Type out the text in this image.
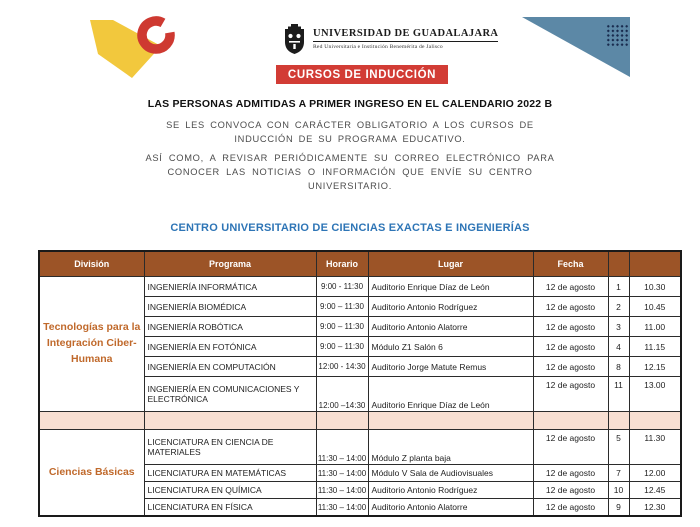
UNIVERSIDAD DE GUADALAJARA
Red Universitaria e Institución Benemérita de Jalisco
CURSOS DE INDUCCIÓN
LAS PERSONAS ADMITIDAS A PRIMER INGRESO EN EL CALENDARIO 2022 B
SE LES CONVOCA CON CARÁCTER OBLIGATORIO A LOS CURSOS DE INDUCCIÓN DE SU PROGRAMA EDUCATIVO.
ASÍ COMO, A REVISAR PERIÓDICAMENTE SU CORREO ELECTRÓNICO PARA CONOCER LAS NOTICIAS O INFORMACIÓN QUE ENVÍE SU CENTRO UNIVERSITARIO.
CENTRO UNIVERSITARIO DE CIENCIAS EXACTAS E INGENIERÍAS
División	Programa	Horario	Lugar	Fecha		
Tecnologías para la Integración Ciber-Humana	INGENIERÍA INFORMÁTICA	9:00 - 11:30	Auditorio Enrique Díaz de León	12 de agosto	1	10.30
	INGENIERÍA BIOMÉDICA	9:00 – 11:30	Auditorio Antonio Rodríguez	12 de agosto	2	10.45
	INGENIERÍA ROBÓTICA	9:00 – 11:30	Auditorio Antonio Alatorre	12 de agosto	3	11.00
	INGENIERÍA EN FOTÓNICA	9:00 – 11:30	Módulo Z1 Salón 6	12 de agosto	4	11.15
	INGENIERÍA EN COMPUTACIÓN	12:00 - 14:30	Auditorio Jorge Matute Remus	12 de agosto	8	12.15
	INGENIERÍA EN COMUNICACIONES Y ELECTRÓNICA	12:00 –14:30	Auditorio Enrique Díaz de León	12 de agosto	11	13.00

Ciencias Básicas	LICENCIATURA EN CIENCIA DE MATERIALES	11:30 – 14:00	Módulo Z planta baja	12 de agosto	5	11.30
	LICENCIATURA EN MATEMÁTICAS	11:30 – 14:00	Módulo V Sala de Audiovisuales	12 de agosto	7	12.00
	LICENCIATURA EN QUÍMICA	11:30 – 14:00	Auditorio Antonio Rodríguez	12 de agosto	10	12.45
	LICENCIATURA EN FÍSICA	11:30 – 14:00	Auditorio Antonio Alatorre	12 de agosto	9	12.30
